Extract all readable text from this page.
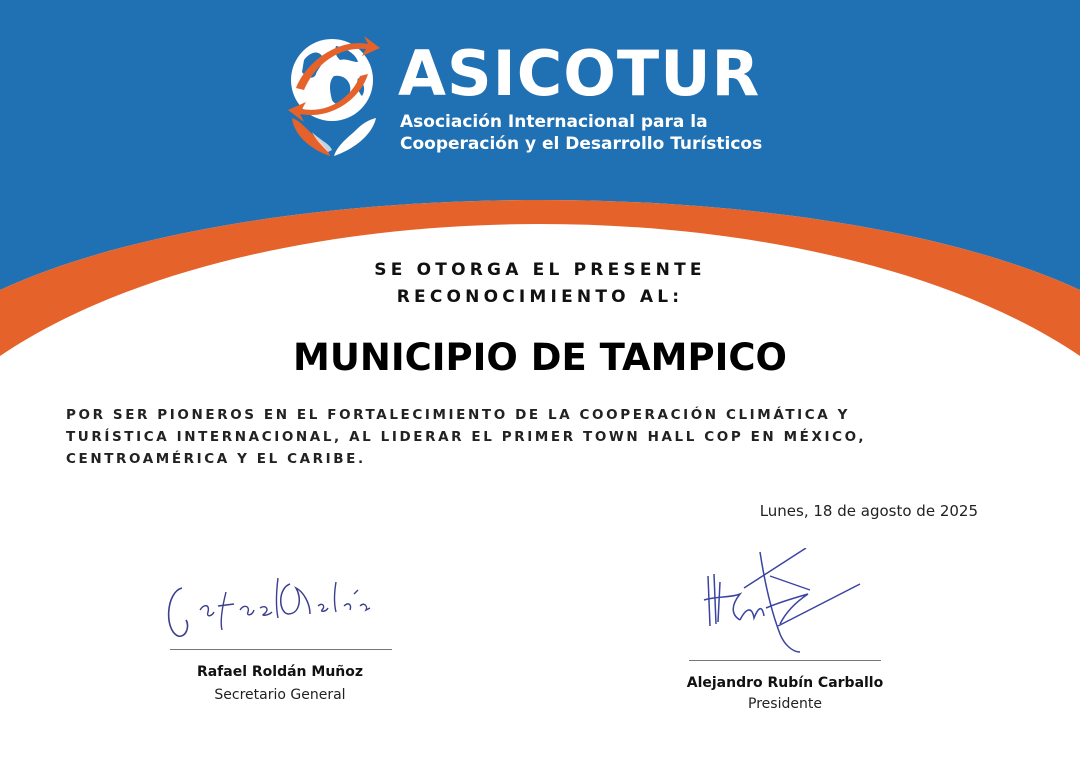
ASICOTUR
Asociación Internacional para la
Cooperación y el Desarrollo Turísticos
SE OTORGA EL PRESENTE
RECONOCIMIENTO AL:
MUNICIPIO DE TAMPICO
POR SER PIONEROS EN EL FORTALECIMIENTO DE LA COOPERACIÓN CLIMÁTICA Y
TURÍSTICA INTERNACIONAL, AL LIDERAR EL PRIMER TOWN HALL COP EN MÉXICO,
CENTROAMÉRICA Y EL CARIBE.
Lunes, 18 de agosto de 2025
Rafael Roldán Muñoz
Secretario General
Alejandro Rubín Carballo
Presidente
